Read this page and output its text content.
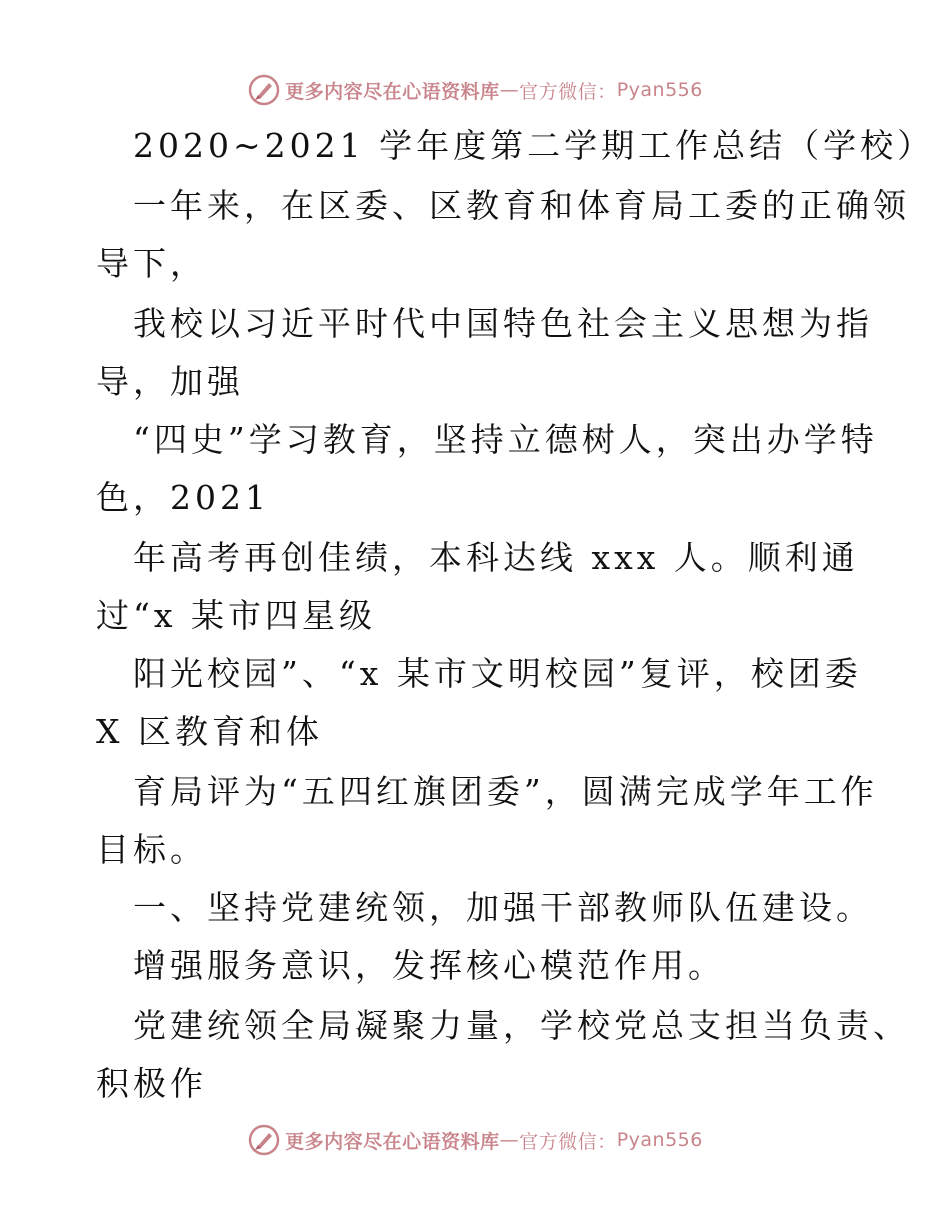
更多内容尽在心语资料库 — 官方微信： Pyan556
2020~2021 学年度第二学期工作总结（学校）
一年来，在区委、区教育和体育局工委的正确领
导下，
我校以习近平时代中国特色社会主义思想为指
导，加强
“四史”学习教育，坚持立德树人，突出办学特
色，2021
年高考再创佳绩，本科达线 xxx 人。顺利通
过“x 某市四星级
阳光校园”、“x 某市文明校园”复评，校团委
X 区教育和体
育局评为“五四红旗团委”，圆满完成学年工作
目标。
一、坚持党建统领，加强干部教师队伍建设。
增强服务意识，发挥核心模范作用。
党建统领全局凝聚力量，学校党总支担当负责、
积极作
更多内容尽在心语资料库 — 官方微信： Pyan556
